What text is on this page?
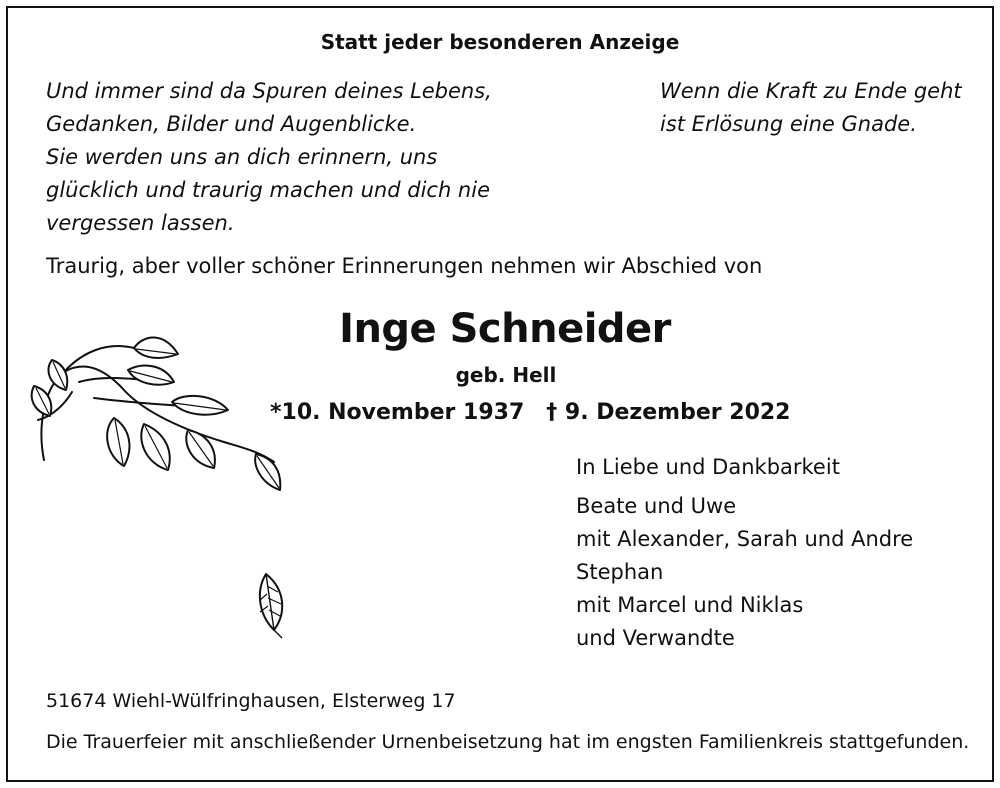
Statt jeder besonderen Anzeige
Und immer sind da Spuren deines Lebens,
Gedanken, Bilder und Augenblicke.
Sie werden uns an dich erinnern, uns
glücklich und traurig machen und dich nie
vergessen lassen.
Wenn die Kraft zu Ende geht
ist Erlösung eine Gnade.
Traurig, aber voller schöner Erinnerungen nehmen wir Abschied von
Inge Schneider
geb. Hell
*10. November 1937 † 9. Dezember 2022
In Liebe und Dankbarkeit
Beate und Uwe
mit Alexander, Sarah und Andre
Stephan
mit Marcel und Niklas
und Verwandte
51674 Wiehl-Wülfringhausen, Elsterweg 17
Die Trauerfeier mit anschließender Urnenbeisetzung hat im engsten Familienkreis stattgefunden.
